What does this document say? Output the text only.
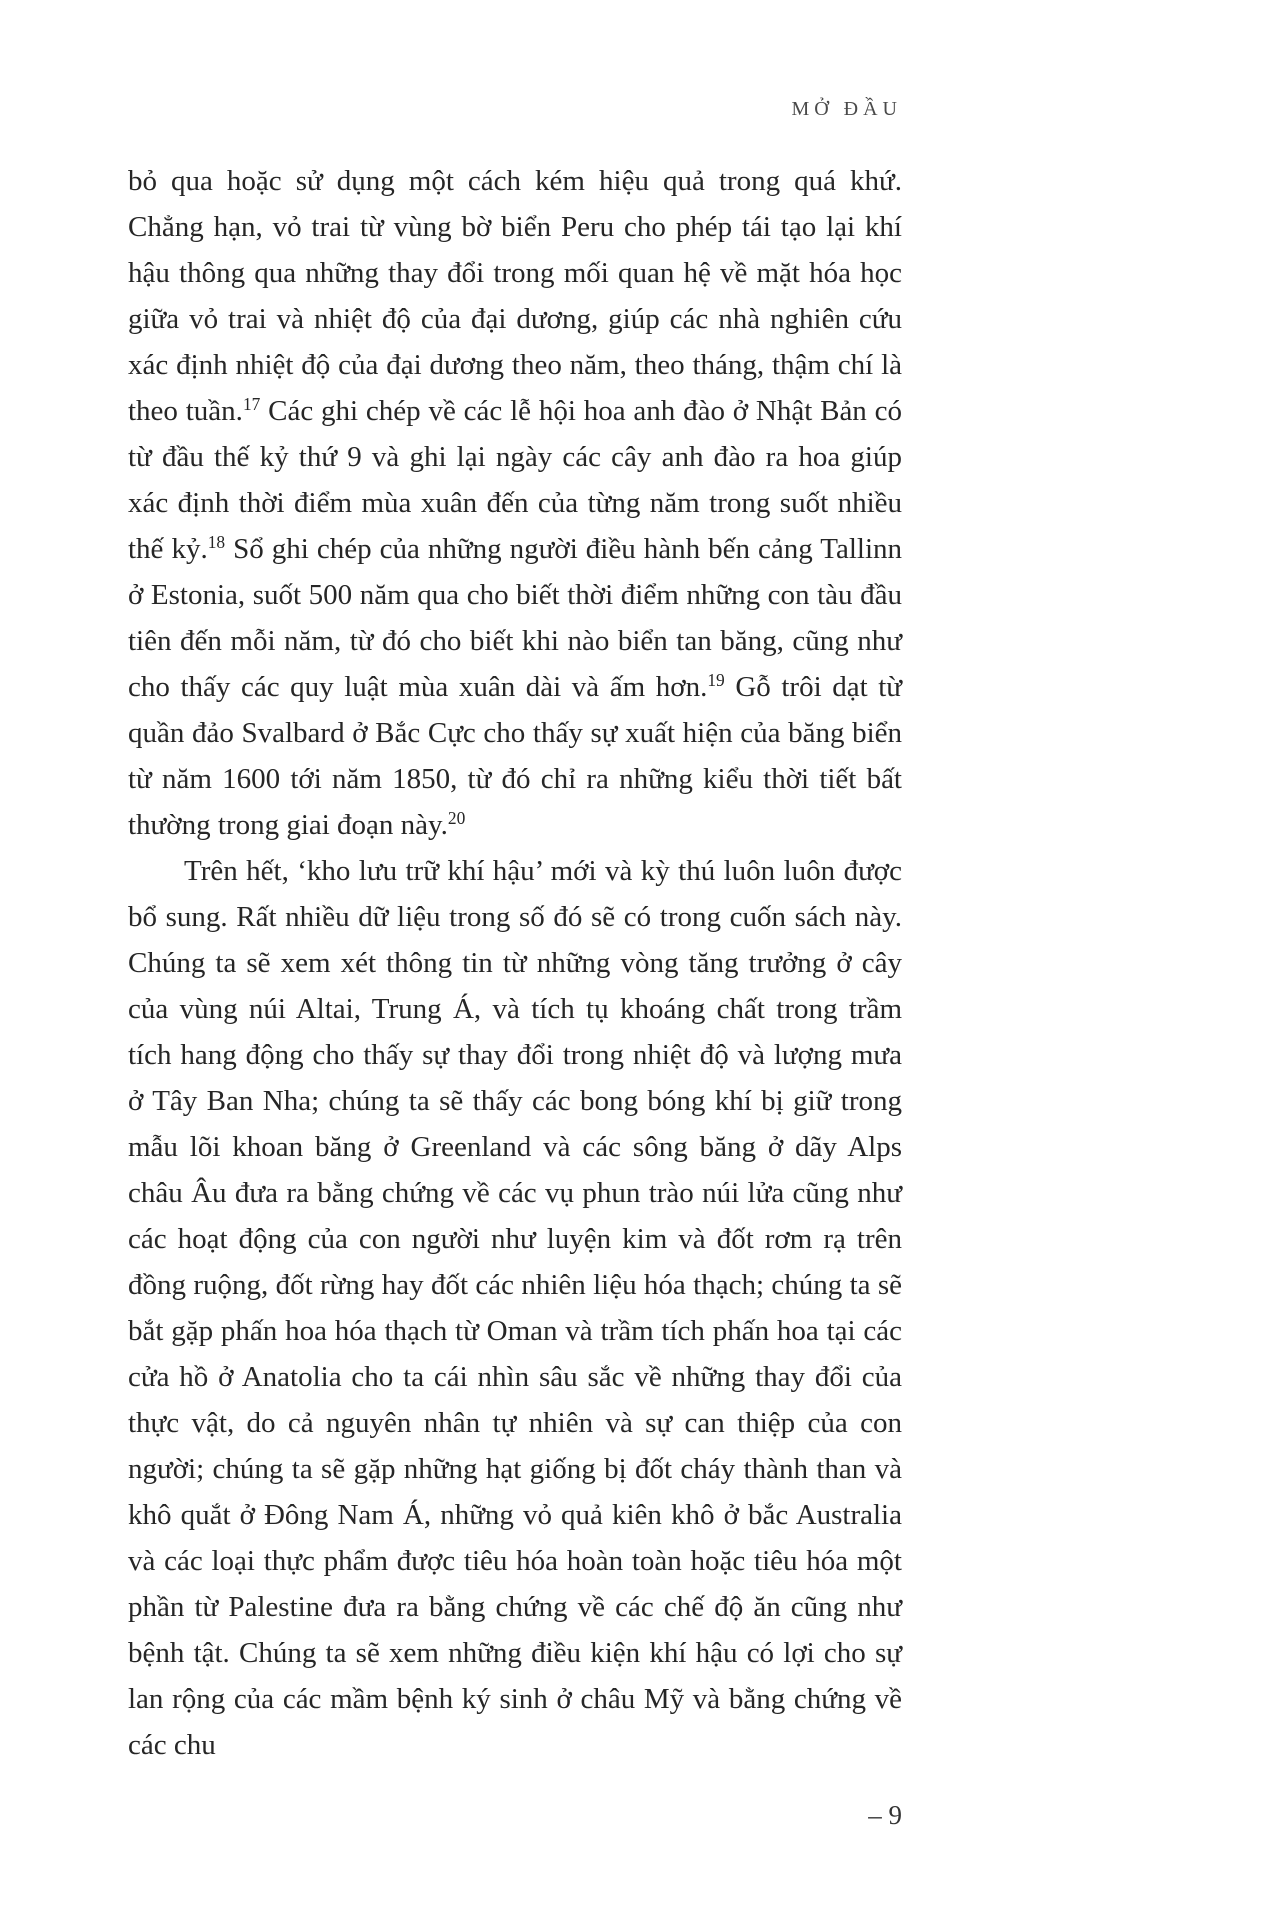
MỞ ĐẦU

bỏ qua hoặc sử dụng một cách kém hiệu quả trong quá khứ. Chẳng hạn, vỏ trai từ vùng bờ biển Peru cho phép tái tạo lại khí hậu thông qua những thay đổi trong mối quan hệ về mặt hóa học giữa vỏ trai và nhiệt độ của đại dương, giúp các nhà nghiên cứu xác định nhiệt độ của đại dương theo năm, theo tháng, thậm chí là theo tuần.$^{17}$ Các ghi chép về các lễ hội hoa anh đào ở Nhật Bản có từ đầu thế kỷ thứ 9 và ghi lại ngày các cây anh đào ra hoa giúp xác định thời điểm mùa xuân đến của từng năm trong suốt nhiều thế kỷ.$^{18}$ Sổ ghi chép của những người điều hành bến cảng Tallinn ở Estonia, suốt 500 năm qua cho biết thời điểm những con tàu đầu tiên đến mỗi năm, từ đó cho biết khi nào biển tan băng, cũng như cho thấy các quy luật mùa xuân dài và ấm hơn.$^{19}$ Gỗ trôi dạt từ quần đảo Svalbard ở Bắc Cực cho thấy sự xuất hiện của băng biển từ năm 1600 tới năm 1850, từ đó chỉ ra những kiểu thời tiết bất thường trong giai đoạn này.$^{20}$

Trên hết, ‘kho lưu trữ khí hậu’ mới và kỳ thú luôn luôn được bổ sung. Rất nhiều dữ liệu trong số đó sẽ có trong cuốn sách này. Chúng ta sẽ xem xét thông tin từ những vòng tăng trưởng ở cây của vùng núi Altai, Trung Á, và tích tụ khoáng chất trong trầm tích hang động cho thấy sự thay đổi trong nhiệt độ và lượng mưa ở Tây Ban Nha; chúng ta sẽ thấy các bong bóng khí bị giữ trong mẫu lõi khoan băng ở Greenland và các sông băng ở dãy Alps châu Âu đưa ra bằng chứng về các vụ phun trào núi lửa cũng như các hoạt động của con người như luyện kim và đốt rơm rạ trên đồng ruộng, đốt rừng hay đốt các nhiên liệu hóa thạch; chúng ta sẽ bắt gặp phấn hoa hóa thạch từ Oman và trầm tích phấn hoa tại các cửa hồ ở Anatolia cho ta cái nhìn sâu sắc về những thay đổi của thực vật, do cả nguyên nhân tự nhiên và sự can thiệp của con người; chúng ta sẽ gặp những hạt giống bị đốt cháy thành than và khô quắt ở Đông Nam Á, những vỏ quả kiên khô ở bắc Australia và các loại thực phẩm được tiêu hóa hoàn toàn hoặc tiêu hóa một phần từ Palestine đưa ra bằng chứng về các chế độ ăn cũng như bệnh tật. Chúng ta sẽ xem những điều kiện khí hậu có lợi cho sự lan rộng của các mầm bệnh ký sinh ở châu Mỹ và bằng chứng về các chu

– 9
